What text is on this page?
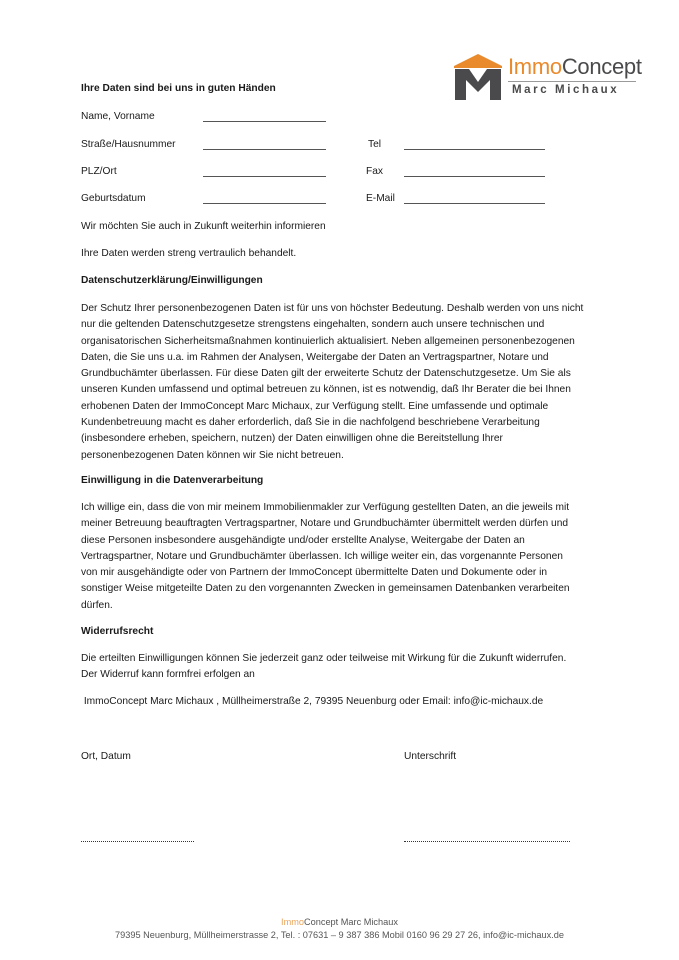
ImmoConcept
Marc Michaux
Ihre Daten sind bei uns in guten Händen
Name, Vorname
Straße/Hausnummer
PLZ/Ort
Geburtsdatum
Tel
Fax
E-Mail
Wir möchten Sie auch in Zukunft weiterhin informieren
Ihre Daten werden streng vertraulich behandelt.
Datenschutzerklärung/Einwilligungen
Der Schutz Ihrer personenbezogenen Daten ist für uns von höchster Bedeutung. Deshalb werden von uns nicht
nur die geltenden Datenschutzgesetze strengstens eingehalten, sondern auch unsere technischen und
organisatorischen Sicherheitsmaßnahmen kontinuierlich aktualisiert. Neben allgemeinen personenbezogenen
Daten, die Sie uns u.a. im Rahmen der Analysen, Weitergabe der Daten an Vertragspartner, Notare und
Grundbuchämter überlassen. Für diese Daten gilt der erweiterte Schutz der Datenschutzgesetze. Um Sie als
unseren Kunden umfassend und optimal betreuen zu können, ist es notwendig, daß Ihr Berater die bei Ihnen
erhobenen Daten der ImmoConcept Marc Michaux, zur Verfügung stellt. Eine umfassende und optimale
Kundenbetreuung macht es daher erforderlich, daß Sie in die nachfolgend beschriebene Verarbeitung
(insbesondere erheben, speichern, nutzen) der Daten einwilligen ohne die Bereitstellung Ihrer
personenbezogenen Daten können wir Sie nicht betreuen.
Einwilligung in die Datenverarbeitung
Ich willige ein, dass die von mir meinem Immobilienmakler zur Verfügung gestellten Daten, an die jeweils mit
meiner Betreuung beauftragten Vertragspartner, Notare und Grundbuchämter übermittelt werden dürfen und
diese Personen insbesondere ausgehändigte und/oder erstellte Analyse, Weitergabe der Daten an
Vertragspartner, Notare und Grundbuchämter überlassen. Ich willige weiter ein, das vorgenannte Personen
von mir ausgehändigte oder von Partnern der ImmoConcept übermittelte Daten und Dokumente oder in
sonstiger Weise mitgeteilte Daten zu den vorgenannten Zwecken in gemeinsamen Datenbanken verarbeiten
dürfen.
Widerrufsrecht
Die erteilten Einwilligungen können Sie jederzeit ganz oder teilweise mit Wirkung für die Zukunft widerrufen.
Der Widerruf kann formfrei erfolgen an
ImmoConcept Marc Michaux , Müllheimerstraße 2, 79395 Neuenburg oder Email: info@ic-michaux.de
Ort, Datum	Unterschrift
ImmoConcept Marc Michaux
79395 Neuenburg, Müllheimerstrasse 2, Tel. : 07631 – 9 387 386 Mobil 0160 96 29 27 26, info@ic-michaux.de
